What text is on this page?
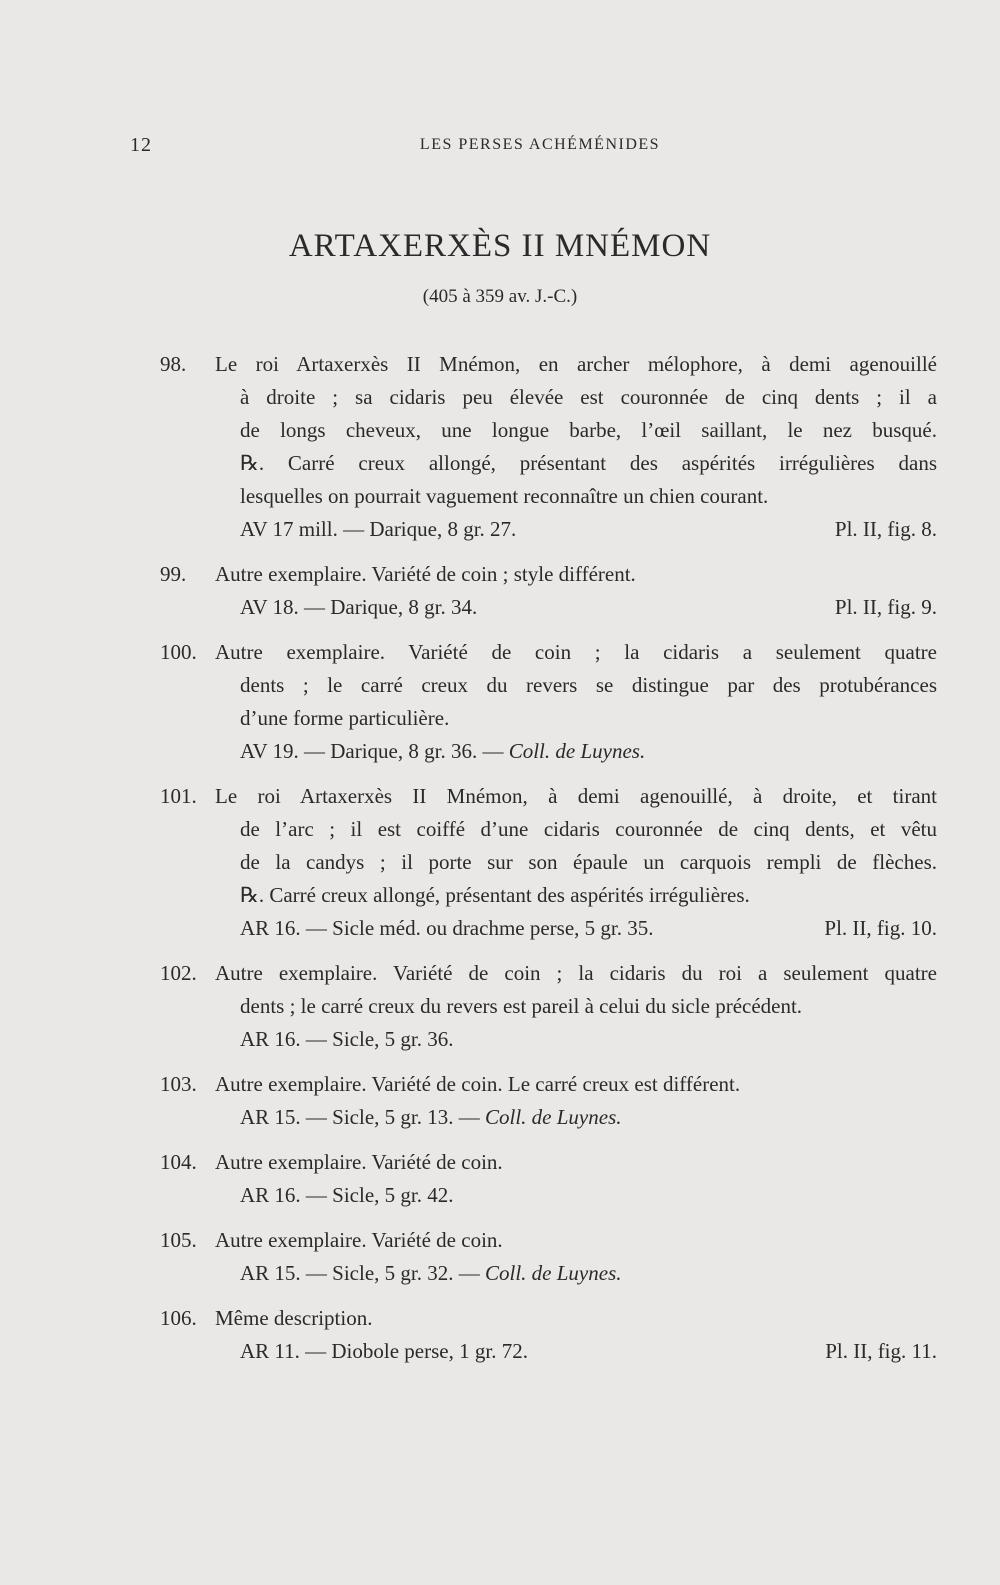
12	LES PERSES ACHÉMÉNIDES
ARTAXERXÈS II MNÉMON
(405 à 359 av. J.-C.)
98.	Le roi Artaxerxès II Mnémon, en archer mélophore, à demi agenouillé
à droite ; sa cidaris peu élevée est couronnée de cinq dents ; il a
de longs cheveux, une longue barbe, l’œil saillant, le nez busqué.
℞. Carré creux allongé, présentant des aspérités irrégulières dans
lesquelles on pourrait vaguement reconnaître un chien courant.
AV 17 mill. — Darique, 8 gr. 27.	Pl. II, fig. 8.
99.	Autre exemplaire. Variété de coin ; style différent.
AV 18. — Darique, 8 gr. 34.	Pl. II, fig. 9.
100. Autre exemplaire. Variété de coin ; la cidaris a seulement quatre
dents ; le carré creux du revers se distingue par des protubérances
d’une forme particulière.
AV 19. — Darique, 8 gr. 36. — Coll. de Luynes.
101. Le roi Artaxerxès II Mnémon, à demi agenouillé, à droite, et tirant
de l’arc ; il est coiffé d’une cidaris couronnée de cinq dents, et vêtu
de la candys ; il porte sur son épaule un carquois rempli de flèches.
℞. Carré creux allongé, présentant des aspérités irrégulières.
AR 16. — Sicle méd. ou drachme perse, 5 gr. 35.	Pl. II, fig. 10.
102. Autre exemplaire. Variété de coin ; la cidaris du roi a seulement quatre
dents ; le carré creux du revers est pareil à celui du sicle précédent.
AR 16. — Sicle, 5 gr. 36.
103. Autre exemplaire. Variété de coin. Le carré creux est différent.
AR 15. — Sicle, 5 gr. 13. — Coll. de Luynes.
104. Autre exemplaire. Variété de coin.
AR 16. — Sicle, 5 gr. 42.
105. Autre exemplaire. Variété de coin.
AR 15. — Sicle, 5 gr. 32. — Coll. de Luynes.
106. Même description.
AR 11. — Diobole perse, 1 gr. 72.	Pl. II, fig. 11.
